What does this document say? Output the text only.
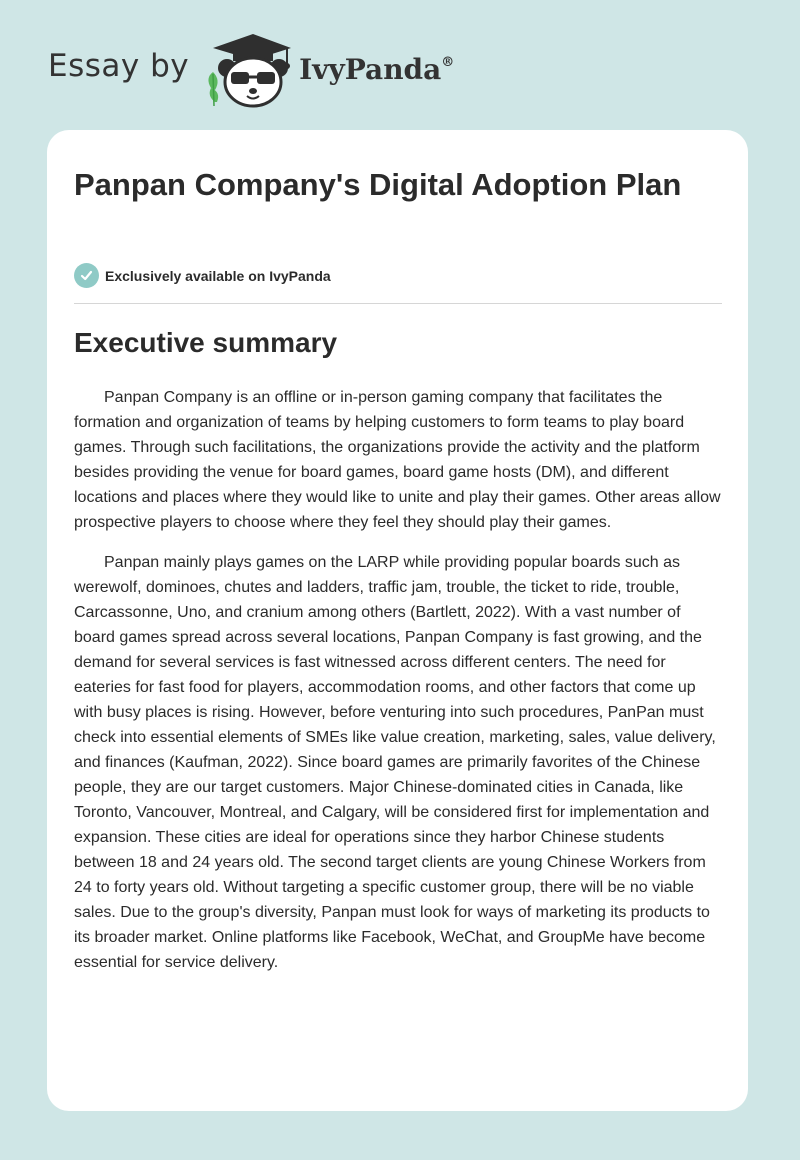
Essay by	IvyPanda®
Panpan Company's Digital Adoption Plan
Exclusively available on IvyPanda
Executive summary

Panpan Company is an offline or in-person gaming company that facilitates the formation and organization of teams by helping customers to form teams to play board games. Through such facilitations, the organizations provide the activity and the platform besides providing the venue for board games, board game hosts (DM), and different locations and places where they would like to unite and play their games. Other areas allow prospective players to choose where they feel they should play their games.

Panpan mainly plays games on the LARP while providing popular boards such as werewolf, dominoes, chutes and ladders, traffic jam, trouble, the ticket to ride, trouble, Carcassonne, Uno, and cranium among others (Bartlett, 2022). With a vast number of board games spread across several locations, Panpan Company is fast growing, and the demand for several services is fast witnessed across different centers. The need for eateries for fast food for players, accommodation rooms, and other factors that come up with busy places is rising. However, before venturing into such procedures, PanPan must check into essential elements of SMEs like value creation, marketing, sales, value delivery, and finances (Kaufman, 2022). Since board games are primarily favorites of the Chinese people, they are our target customers. Major Chinese-dominated cities in Canada, like Toronto, Vancouver, Montreal, and Calgary, will be considered first for implementation and expansion. These cities are ideal for operations since they harbor Chinese students between 18 and 24 years old. The second target clients are young Chinese Workers from 24 to forty years old. Without targeting a specific customer group, there will be no viable sales. Due to the group's diversity, Panpan must look for ways of marketing its products to its broader market. Online platforms like Facebook, WeChat, and GroupMe have become essential for service delivery.
